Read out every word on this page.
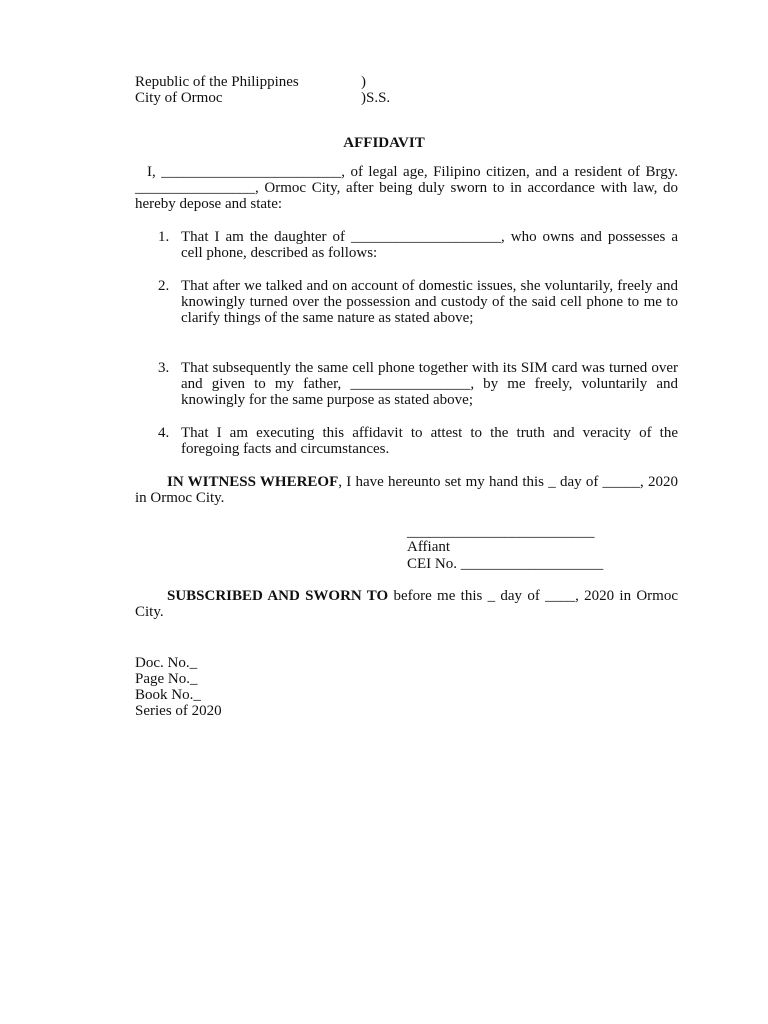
Republic of the Philippines	)
City of Ormoc	)S.S.
AFFIDAVIT
I, ________________________, of legal age, Filipino citizen, and a resident of Brgy. ________________, Ormoc City, after being duly sworn to in accordance with law, do hereby depose and state:
1. That I am the daughter of ____________________, who owns and possesses a cell phone, described as follows:
2. That after we talked and on account of domestic issues, she voluntarily, freely and knowingly turned over the possession and custody of the said cell phone to me to clarify things of the same nature as stated above;
3. That subsequently the same cell phone together with its SIM card was turned over and given to my father, ________________, by me freely, voluntarily and knowingly for the same purpose as stated above;
4. That I am executing this affidavit to attest to the truth and veracity of the foregoing facts and circumstances.
IN WITNESS WHEREOF, I have hereunto set my hand this _ day of _____, 2020 in Ormoc City.
_________________________
Affiant
CEI No. ___________________
SUBSCRIBED AND SWORN TO before me this _ day of ____, 2020 in Ormoc City.
Doc. No._
Page No._
Book No._
Series of 2020
